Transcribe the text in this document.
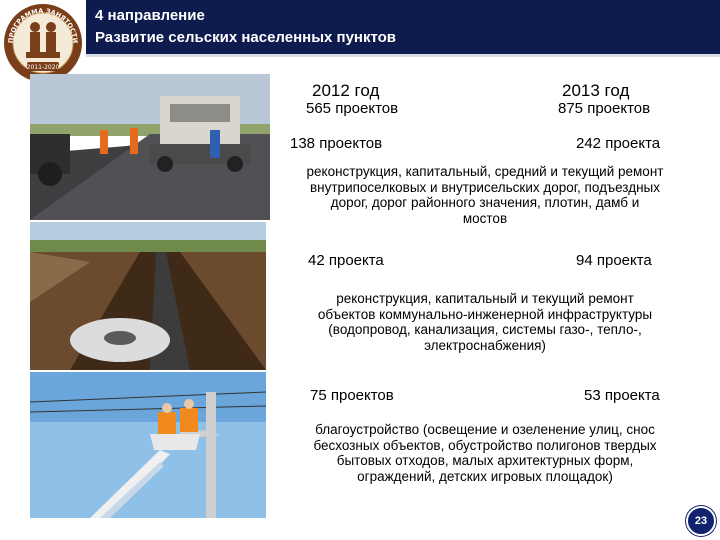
4 направление
Развитие сельских населенных пунктов
2011-2020
ПРОГРАММА ЗАНЯТОСТИ
2012 год	2013 год
565 проектов	875 проектов
138 проектов	242 проекта
реконструкция, капитальный, средний и текущий ремонт
внутрипоселковых и внутрисельских дорог, подъездных
дорог, дорог районного значения, плотин, дамб и
мостов
42 проекта	94 проекта
реконструкция, капитальный и текущий ремонт
объектов коммунально-инженерной инфраструктуры
(водопровод, канализация, системы газо-, тепло-,
электроснабжения)
75 проектов	53 проекта
благоустройство (освещение и озеленение улиц, снос
бесхозных объектов, обустройство полигонов твердых
бытовых отходов, малых архитектурных форм,
ограждений, детских игровых площадок)
23
